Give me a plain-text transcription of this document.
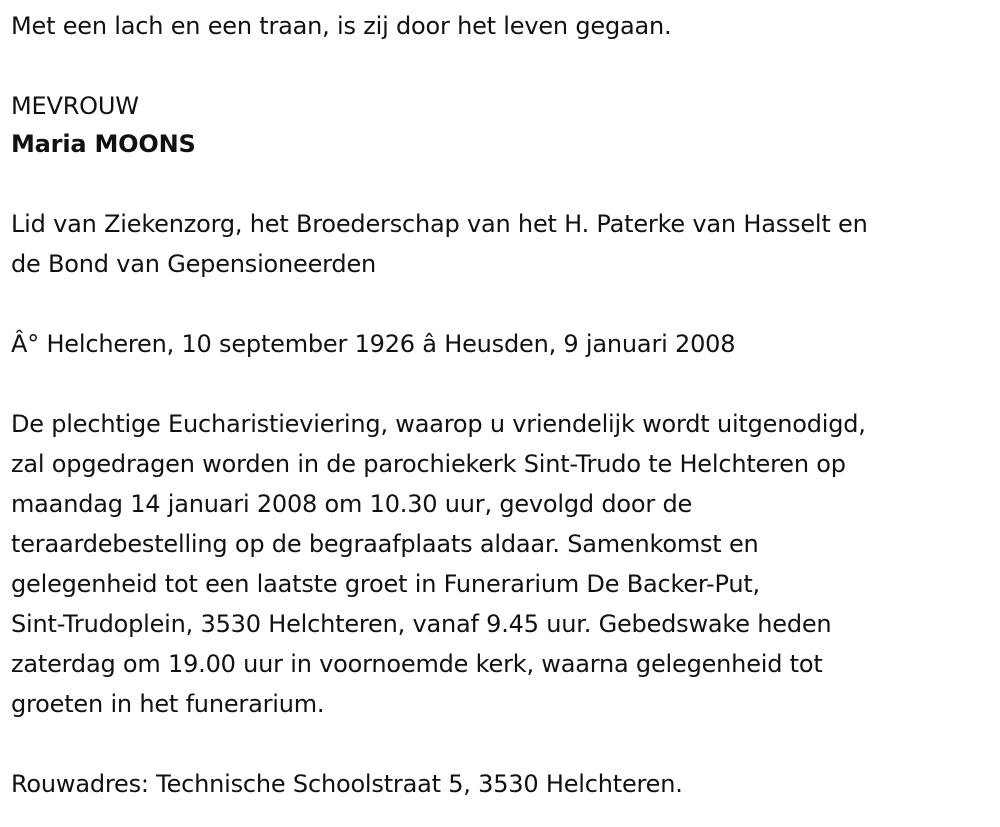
Met een lach en een traan, is zij door het leven gegaan.
MEVROUW
Maria MOONS
Lid van Ziekenzorg, het Broederschap van het H. Paterke van Hasselt en
de Bond van Gepensioneerden
Â° Helcheren, 10 september 1926 â Heusden, 9 januari 2008
De plechtige Eucharistieviering, waarop u vriendelijk wordt uitgenodigd,
zal opgedragen worden in de parochiekerk Sint-Trudo te Helchteren op
maandag 14 januari 2008 om 10.30 uur, gevolgd door de
teraardebestelling op de begraafplaats aldaar. Samenkomst en
gelegenheid tot een laatste groet in Funerarium De Backer-Put,
Sint-Trudoplein, 3530 Helchteren, vanaf 9.45 uur. Gebedswake heden
zaterdag om 19.00 uur in voornoemde kerk, waarna gelegenheid tot
groeten in het funerarium.
Rouwadres: Technische Schoolstraat 5, 3530 Helchteren.
